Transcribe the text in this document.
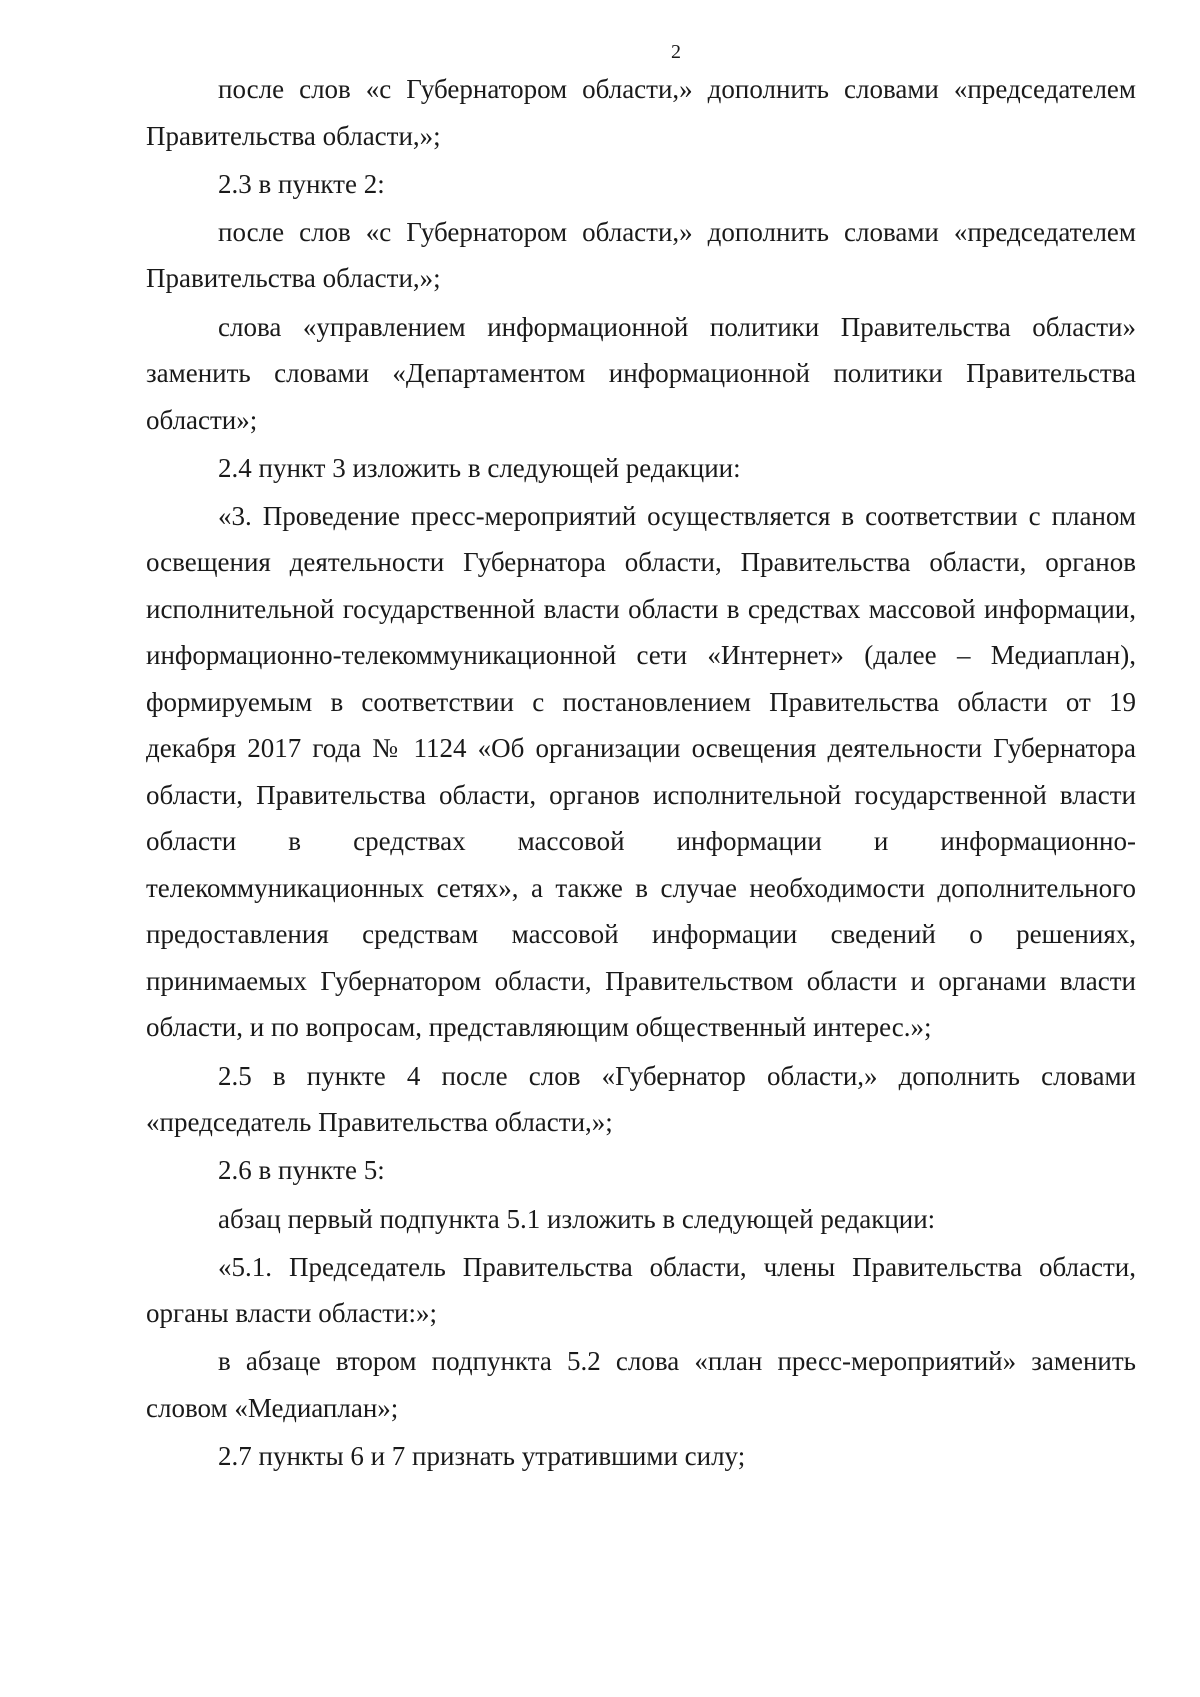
2

после слов «с Губернатором области,» дополнить словами «председателем Правительства области,»;

2.3 в пункте 2:

после слов «с Губернатором области,» дополнить словами «председателем Правительства области,»;

слова «управлением информационной политики Правительства области» заменить словами «Департаментом информационной политики Правительства области»;

2.4 пункт 3 изложить в следующей редакции:

«3. Проведение пресс-мероприятий осуществляется в соответствии с планом освещения деятельности Губернатора области, Правительства области, органов исполнительной государственной власти области в средствах массовой информации, информационно-телекоммуникационной сети «Интернет» (далее – Медиаплан), формируемым в соответствии с постановлением Правительства области от 19 декабря 2017 года № 1124 «Об организации освещения деятельности Губернатора области, Правительства области, органов исполнительной государственной власти области в средствах массовой информации и информационно-телекоммуникационных сетях», а также в случае необходимости дополнительного предоставления средствам массовой информации сведений о решениях, принимаемых Губернатором области, Правительством области и органами власти области, и по вопросам, представляющим общественный интерес.»;

2.5 в пункте 4 после слов «Губернатор области,» дополнить словами «председатель Правительства области,»;

2.6 в пункте 5:

абзац первый подпункта 5.1 изложить в следующей редакции:

«5.1. Председатель Правительства области, члены Правительства области, органы власти области:»;

в абзаце втором подпункта 5.2 слова «план пресс-мероприятий» заменить словом «Медиаплан»;

2.7 пункты 6 и 7 признать утратившими силу;
